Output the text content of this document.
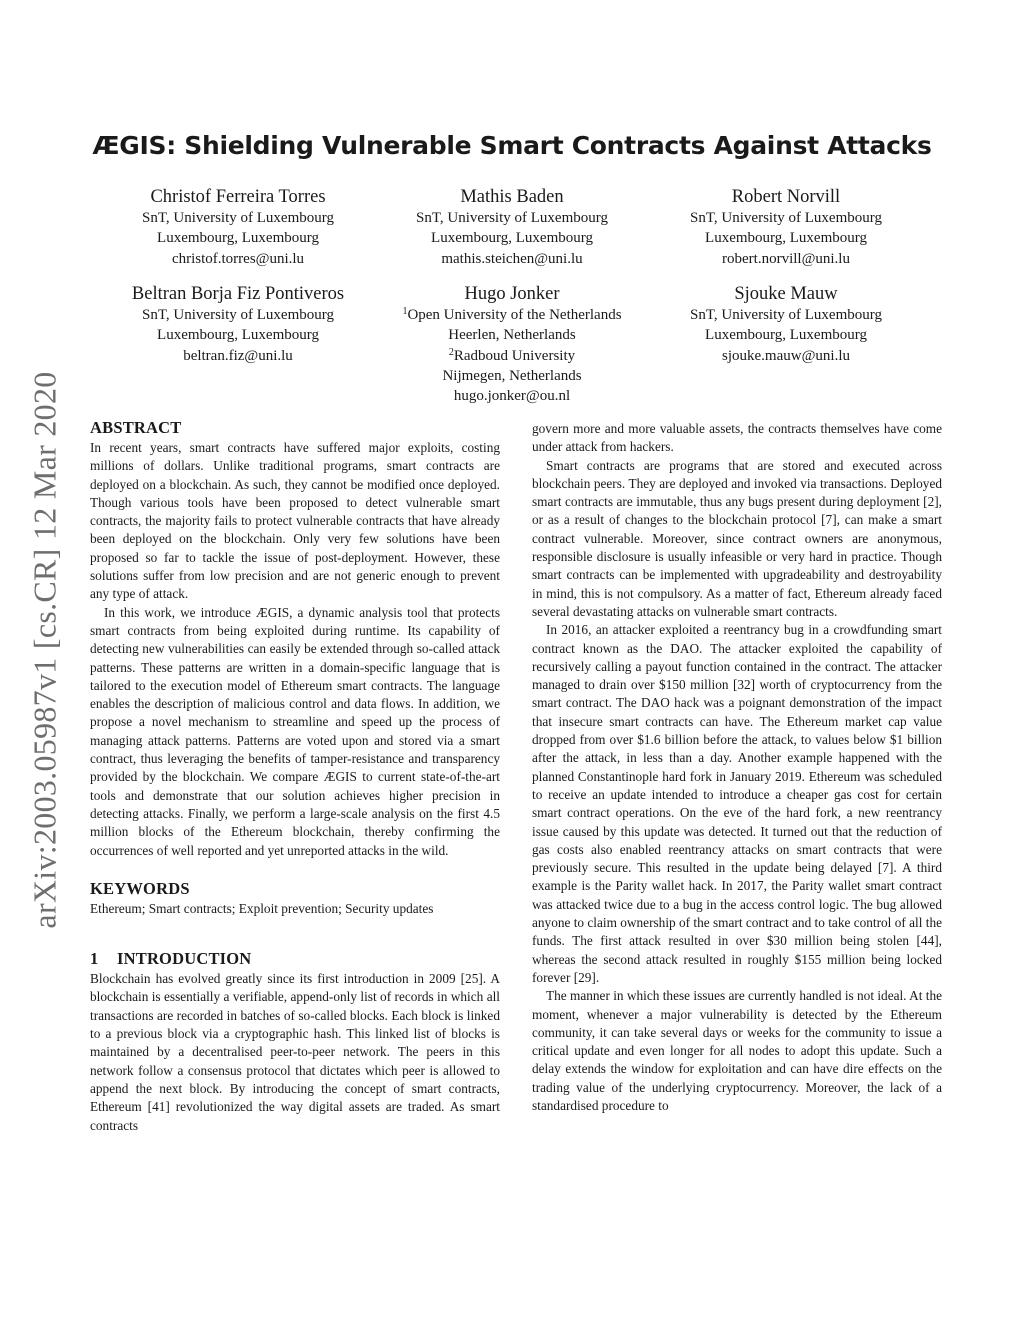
arXiv:2003.05987v1 [cs.CR] 12 Mar 2020
ÆGIS: Shielding Vulnerable Smart Contracts Against Attacks
Christof Ferreira Torres
SnT, University of Luxembourg
Luxembourg, Luxembourg
christof.torres@uni.lu
Mathis Baden
SnT, University of Luxembourg
Luxembourg, Luxembourg
mathis.steichen@uni.lu
Robert Norvill
SnT, University of Luxembourg
Luxembourg, Luxembourg
robert.norvill@uni.lu
Beltran Borja Fiz Pontiveros
SnT, University of Luxembourg
Luxembourg, Luxembourg
beltran.fiz@uni.lu
Hugo Jonker
$^1$Open University of the Netherlands
Heerlen, Netherlands
$^2$Radboud University
Nijmegen, Netherlands
hugo.jonker@ou.nl
Sjouke Mauw
SnT, University of Luxembourg
Luxembourg, Luxembourg
sjouke.mauw@uni.lu
ABSTRACT

In recent years, smart contracts have suffered major exploits, costing millions of dollars. Unlike traditional programs, smart contracts are deployed on a blockchain. As such, they cannot be modified once deployed. Though various tools have been proposed to detect vulnerable smart contracts, the majority fails to protect vulnerable contracts that have already been deployed on the blockchain. Only very few solutions have been proposed so far to tackle the issue of post-deployment. However, these solutions suffer from low precision and are not generic enough to prevent any type of attack.

In this work, we introduce ÆGIS, a dynamic analysis tool that protects smart contracts from being exploited during runtime. Its capability of detecting new vulnerabilities can easily be extended through so-called attack patterns. These patterns are written in a domain-specific language that is tailored to the execution model of Ethereum smart contracts. The language enables the description of malicious control and data flows. In addition, we propose a novel mechanism to streamline and speed up the process of managing attack patterns. Patterns are voted upon and stored via a smart contract, thus leveraging the benefits of tamper-resistance and transparency provided by the blockchain. We compare ÆGIS to current state-of-the-art tools and demonstrate that our solution achieves higher precision in detecting attacks. Finally, we perform a large-scale analysis on the first 4.5 million blocks of the Ethereum blockchain, thereby confirming the occurrences of well reported and yet unreported attacks in the wild.

KEYWORDS

Ethereum; Smart contracts; Exploit prevention; Security updates

1 INTRODUCTION

Blockchain has evolved greatly since its first introduction in 2009 [25]. A blockchain is essentially a verifiable, append-only list of records in which all transactions are recorded in batches of so-called blocks. Each block is linked to a previous block via a cryptographic hash. This linked list of blocks is maintained by a decentralised peer-to-peer network. The peers in this network follow a consensus protocol that dictates which peer is allowed to append the next block. By introducing the concept of smart contracts, Ethereum [41] revolutionized the way digital assets are traded. As smart contracts

govern more and more valuable assets, the contracts themselves have come under attack from hackers.

Smart contracts are programs that are stored and executed across blockchain peers. They are deployed and invoked via transactions. Deployed smart contracts are immutable, thus any bugs present during deployment [2], or as a result of changes to the blockchain protocol [7], can make a smart contract vulnerable. Moreover, since contract owners are anonymous, responsible disclosure is usually infeasible or very hard in practice. Though smart contracts can be implemented with upgradeability and destroyability in mind, this is not compulsory. As a matter of fact, Ethereum already faced several devastating attacks on vulnerable smart contracts.

In 2016, an attacker exploited a reentrancy bug in a crowdfunding smart contract known as the DAO. The attacker exploited the capability of recursively calling a payout function contained in the contract. The attacker managed to drain over $150 million [32] worth of cryptocurrency from the smart contract. The DAO hack was a poignant demonstration of the impact that insecure smart contracts can have. The Ethereum market cap value dropped from over $1.6 billion before the attack, to values below $1 billion after the attack, in less than a day. Another example happened with the planned Constantinople hard fork in January 2019. Ethereum was scheduled to receive an update intended to introduce a cheaper gas cost for certain smart contract operations. On the eve of the hard fork, a new reentrancy issue caused by this update was detected. It turned out that the reduction of gas costs also enabled reentrancy attacks on smart contracts that were previously secure. This resulted in the update being delayed [7]. A third example is the Parity wallet hack. In 2017, the Parity wallet smart contract was attacked twice due to a bug in the access control logic. The bug allowed anyone to claim ownership of the smart contract and to take control of all the funds. The first attack resulted in over $30 million being stolen [44], whereas the second attack resulted in roughly $155 million being locked forever [29].

The manner in which these issues are currently handled is not ideal. At the moment, whenever a major vulnerability is detected by the Ethereum community, it can take several days or weeks for the community to issue a critical update and even longer for all nodes to adopt this update. Such a delay extends the window for exploitation and can have dire effects on the trading value of the underlying cryptocurrency. Moreover, the lack of a standardised procedure to
